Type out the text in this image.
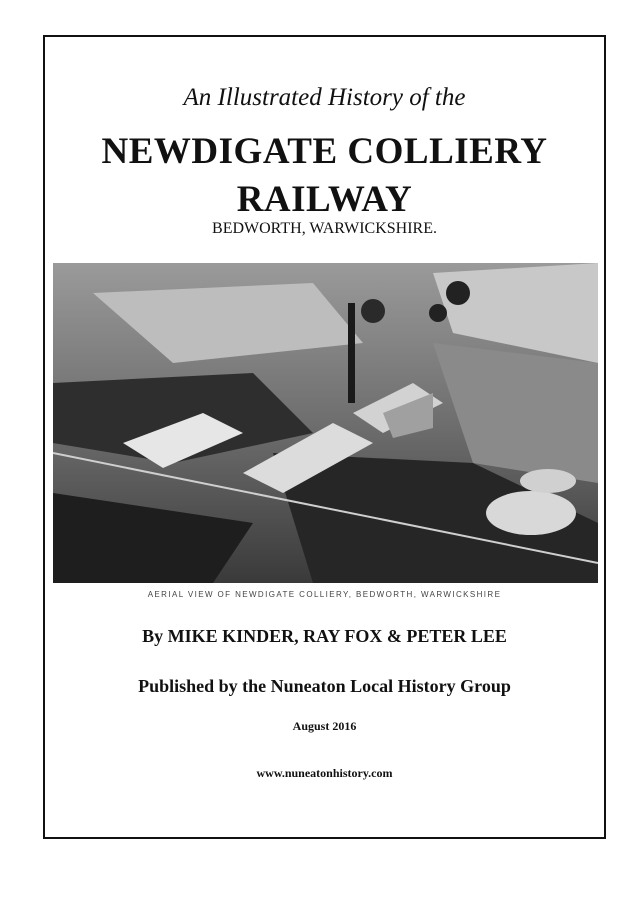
An Illustrated History of the
NEWDIGATE COLLIERY
RAILWAY
BEDWORTH, WARWICKSHIRE.
AERIAL VIEW OF NEWDIGATE COLLIERY, BEDWORTH, WARWICKSHIRE
By MIKE KINDER, RAY FOX & PETER LEE
Published by the Nuneaton Local History Group
August 2016
www.nuneatonhistory.com
